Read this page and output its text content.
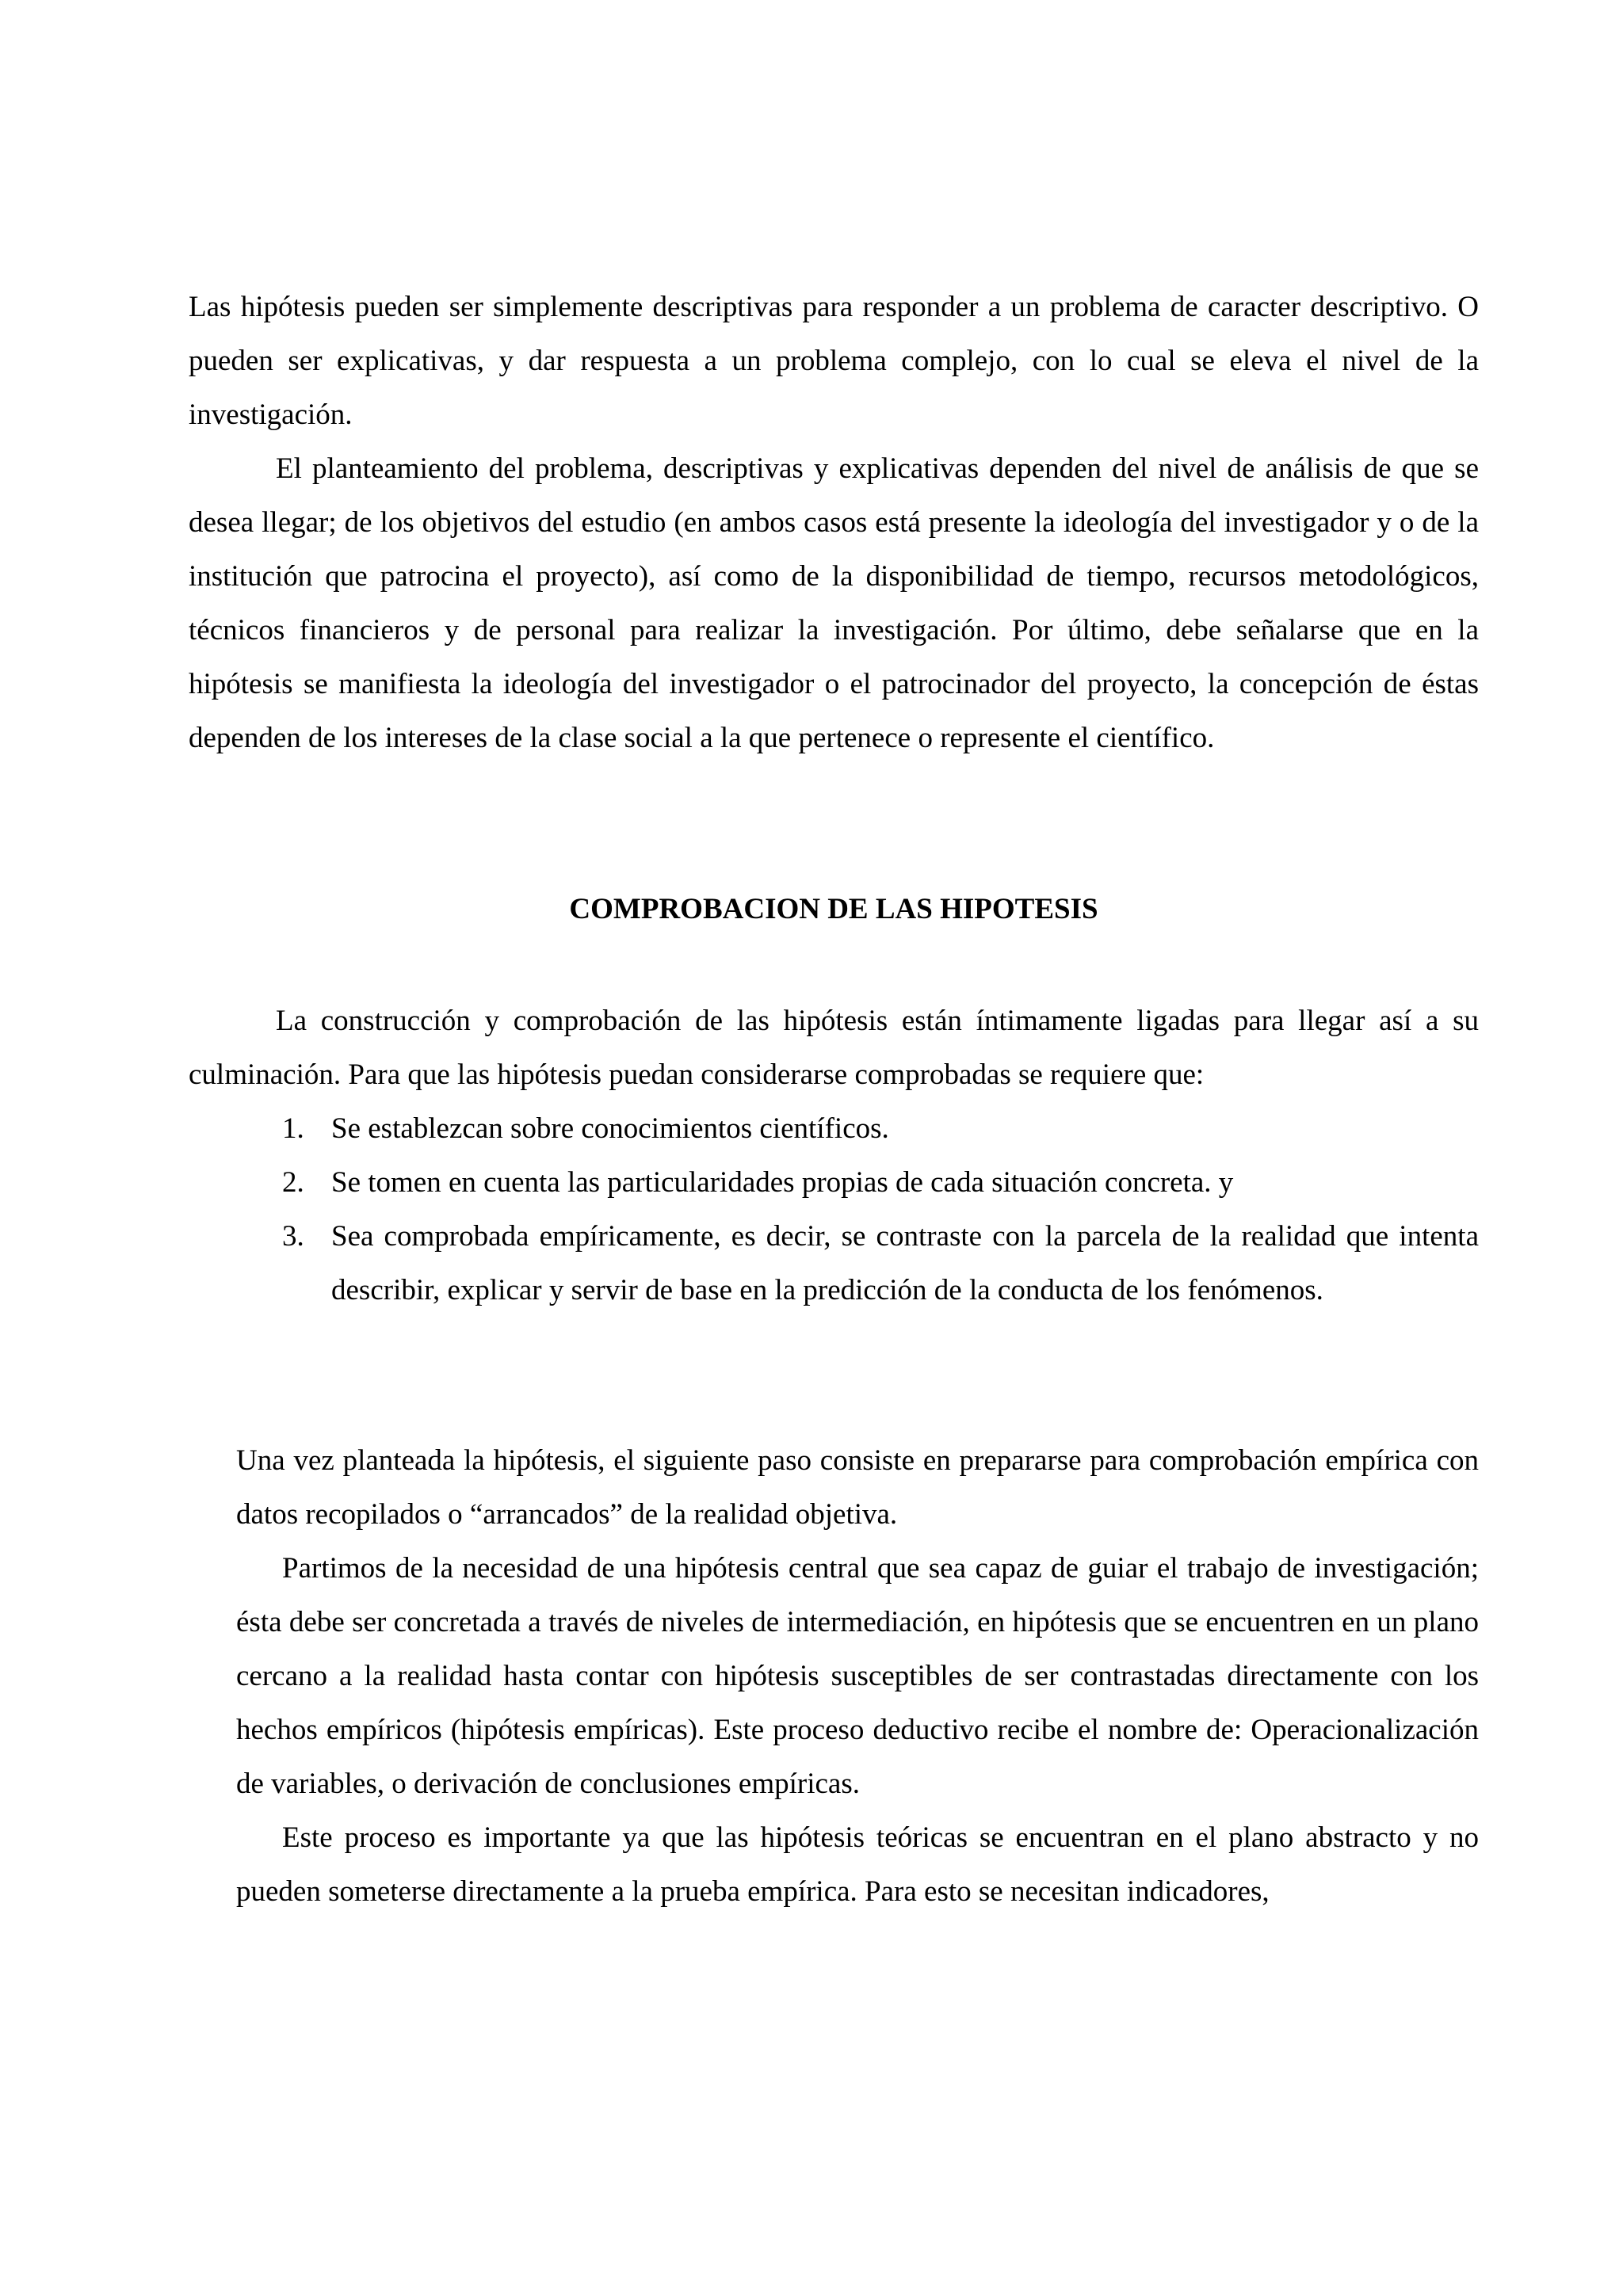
Las hipótesis pueden ser simplemente descriptivas para responder a un problema de caracter descriptivo. O pueden ser explicativas, y dar respuesta a un problema complejo, con lo cual se eleva el nivel de la investigación.

El planteamiento del problema, descriptivas y explicativas dependen del nivel de análisis de que se desea llegar; de los objetivos del estudio (en ambos casos está presente la ideología del investigador y o de la institución que patrocina el proyecto), así como de la disponibilidad de tiempo, recursos metodológicos, técnicos financieros y de personal para realizar la investigación. Por último, debe señalarse que en la hipótesis se manifiesta la ideología del investigador o el patrocinador del proyecto, la concepción de éstas dependen de los intereses de la clase social a la que pertenece o represente el científico.

COMPROBACION DE LAS HIPOTESIS

La construcción y comprobación de las hipótesis están íntimamente ligadas para llegar así a su culminación. Para que las hipótesis puedan considerarse comprobadas se requiere que:

1. Se establezcan sobre conocimientos científicos.
2. Se tomen en cuenta las particularidades propias de cada situación concreta. y
3. Sea comprobada empíricamente, es decir, se contraste con la parcela de la realidad que intenta describir, explicar y servir de base en la predicción de la conducta de los fenómenos.

Una vez planteada la hipótesis, el siguiente paso consiste en prepararse para comprobación empírica con datos recopilados o “arrancados” de la realidad objetiva.

Partimos de la necesidad de una hipótesis central que sea capaz de guiar el trabajo de investigación; ésta debe ser concretada a través de niveles de intermediación, en hipótesis que se encuentren en un plano cercano a la realidad hasta contar con hipótesis susceptibles de ser contrastadas directamente con los hechos empíricos (hipótesis empíricas). Este proceso deductivo recibe el nombre de: Operacionalización de variables, o derivación de conclusiones empíricas.

Este proceso es importante ya que las hipótesis teóricas se encuentran en el plano abstracto y no pueden someterse directamente a la prueba empírica. Para esto se necesitan indicadores,
